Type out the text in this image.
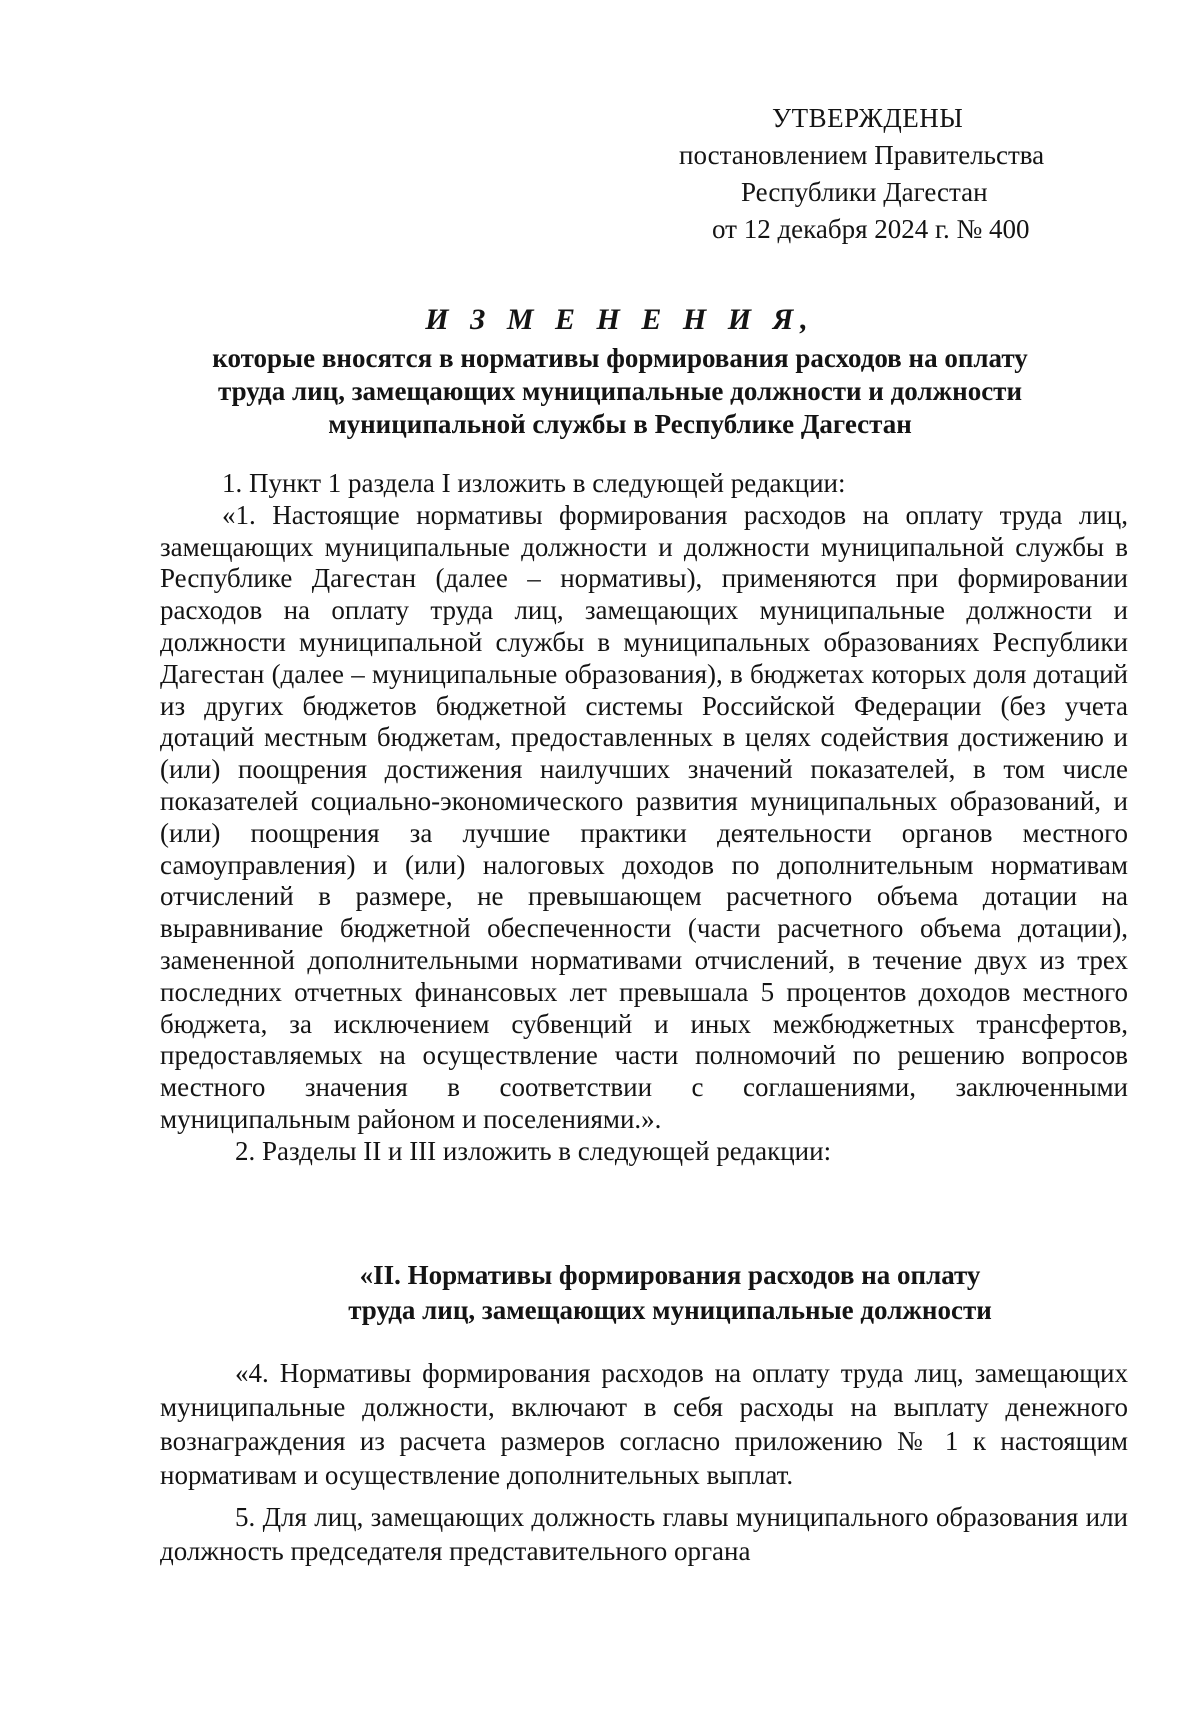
УТВЕРЖДЕНЫ
постановлением Правительства
Республики Дагестан
от 12 декабря 2024 г. № 400
И З М Е Н Е Н И Я,
которые вносятся в нормативы формирования расходов на оплату труда лиц, замещающих муниципальные должности и должности муниципальной службы в Республике Дагестан

1. Пункт 1 раздела I изложить в следующей редакции:

«1. Настоящие нормативы формирования расходов на оплату труда лиц, замещающих муниципальные должности и должности муниципальной службы в Республике Дагестан (далее – нормативы), применяются при формировании расходов на оплату труда лиц, замещающих муниципальные должности и должности муниципальной службы в муниципальных образованиях Республики Дагестан (далее – муниципальные образования), в бюджетах которых доля дотаций из других бюджетов бюджетной системы Российской Федерации (без учета дотаций местным бюджетам, предоставленных в целях содействия достижению и (или) поощрения достижения наилучших значений показателей, в том числе показателей социально-экономического развития муниципальных образований, и (или) поощрения за лучшие практики деятельности органов местного самоуправления) и (или) налоговых доходов по дополнительным нормативам отчислений в размере, не превышающем расчетного объема дотации на выравнивание бюджетной обеспеченности (части расчетного объема дотации), замененной дополнительными нормативами отчислений, в течение двух из трех последних отчетных финансовых лет превышала 5 процентов доходов местного бюджета, за исключением субвенций и иных межбюджетных трансфертов, предоставляемых на осуществление части полномочий по решению вопросов местного значения в соответствии с соглашениями, заключенными муниципальным районом и поселениями.».

2. Разделы II и III изложить в следующей редакции:

«II. Нормативы формирования расходов на оплату
труда лиц, замещающих муниципальные должности

«4. Нормативы формирования расходов на оплату труда лиц, замещающих муниципальные должности, включают в себя расходы на выплату денежного вознаграждения из расчета размеров согласно приложению № 1 к настоящим нормативам и осуществление дополнительных выплат.

5. Для лиц, замещающих должность главы муниципального образования или должность председателя представительного органа
